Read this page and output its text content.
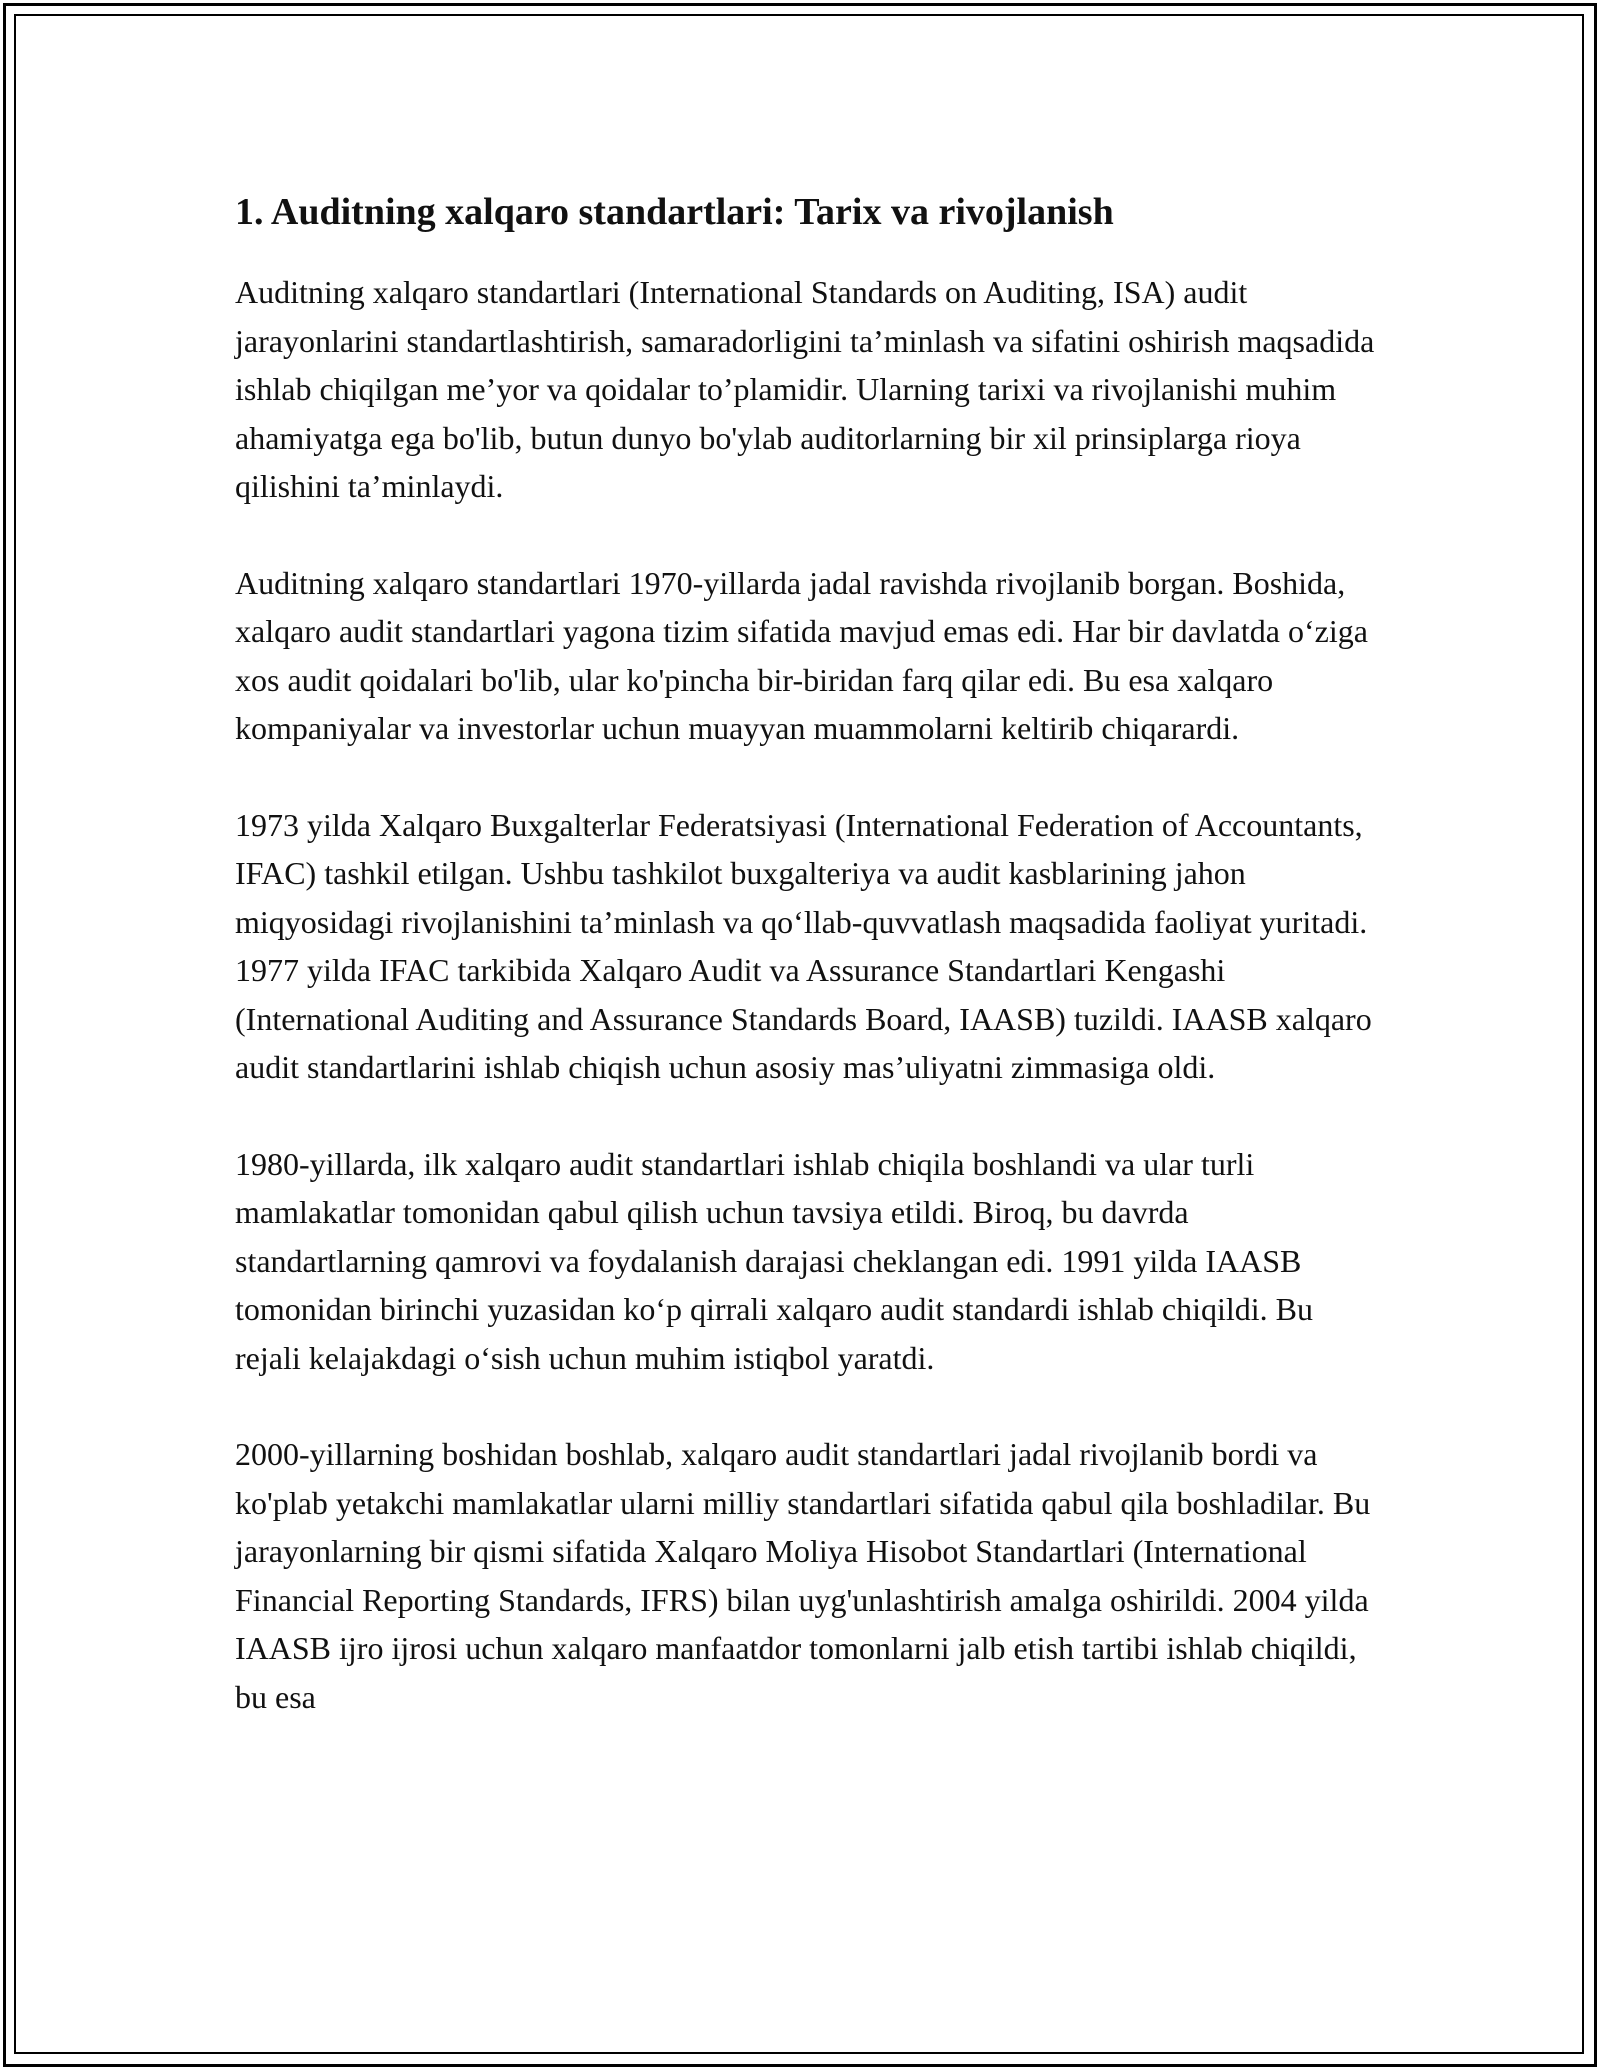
1. Auditning xalqaro standartlari: Tarix va rivojlanish

Auditning xalqaro standartlari (International Standards on Auditing, ISA) audit jarayonlarini standartlashtirish, samaradorligini ta’minlash va sifatini oshirish maqsadida ishlab chiqilgan me’yor va qoidalar to’plamidir. Ularning tarixi va rivojlanishi muhim ahamiyatga ega bo'lib, butun dunyo bo'ylab auditorlarning bir xil prinsiplarga rioya qilishini ta’minlaydi.

Auditning xalqaro standartlari 1970-yillarda jadal ravishda rivojlanib borgan. Boshida, xalqaro audit standartlari yagona tizim sifatida mavjud emas edi. Har bir davlatda o‘ziga xos audit qoidalari bo'lib, ular ko'pincha bir-biridan farq qilar edi. Bu esa xalqaro kompaniyalar va investorlar uchun muayyan muammolarni keltirib chiqarardi.

1973 yilda Xalqaro Buxgalterlar Federatsiyasi (International Federation of Accountants, IFAC) tashkil etilgan. Ushbu tashkilot buxgalteriya va audit kasblarining jahon miqyosidagi rivojlanishini ta’minlash va qo‘llab-quvvatlash maqsadida faoliyat yuritadi. 1977 yilda IFAC tarkibida Xalqaro Audit va Assurance Standartlari Kengashi (International Auditing and Assurance Standards Board, IAASB) tuzildi. IAASB xalqaro audit standartlarini ishlab chiqish uchun asosiy mas’uliyatni zimmasiga oldi.

1980-yillarda, ilk xalqaro audit standartlari ishlab chiqila boshlandi va ular turli mamlakatlar tomonidan qabul qilish uchun tavsiya etildi. Biroq, bu davrda standartlarning qamrovi va foydalanish darajasi cheklangan edi. 1991 yilda IAASB tomonidan birinchi yuzasidan ko‘p qirrali xalqaro audit standardi ishlab chiqildi. Bu rejali kelajakdagi o‘sish uchun muhim istiqbol yaratdi.

2000-yillarning boshidan boshlab, xalqaro audit standartlari jadal rivojlanib bordi va ko'plab yetakchi mamlakatlar ularni milliy standartlari sifatida qabul qila boshladilar. Bu jarayonlarning bir qismi sifatida Xalqaro Moliya Hisobot Standartlari (International Financial Reporting Standards, IFRS) bilan uyg'unlashtirish amalga oshirildi. 2004 yilda IAASB ijro ijrosi uchun xalqaro manfaatdor tomonlarni jalb etish tartibi ishlab chiqildi, bu esa
